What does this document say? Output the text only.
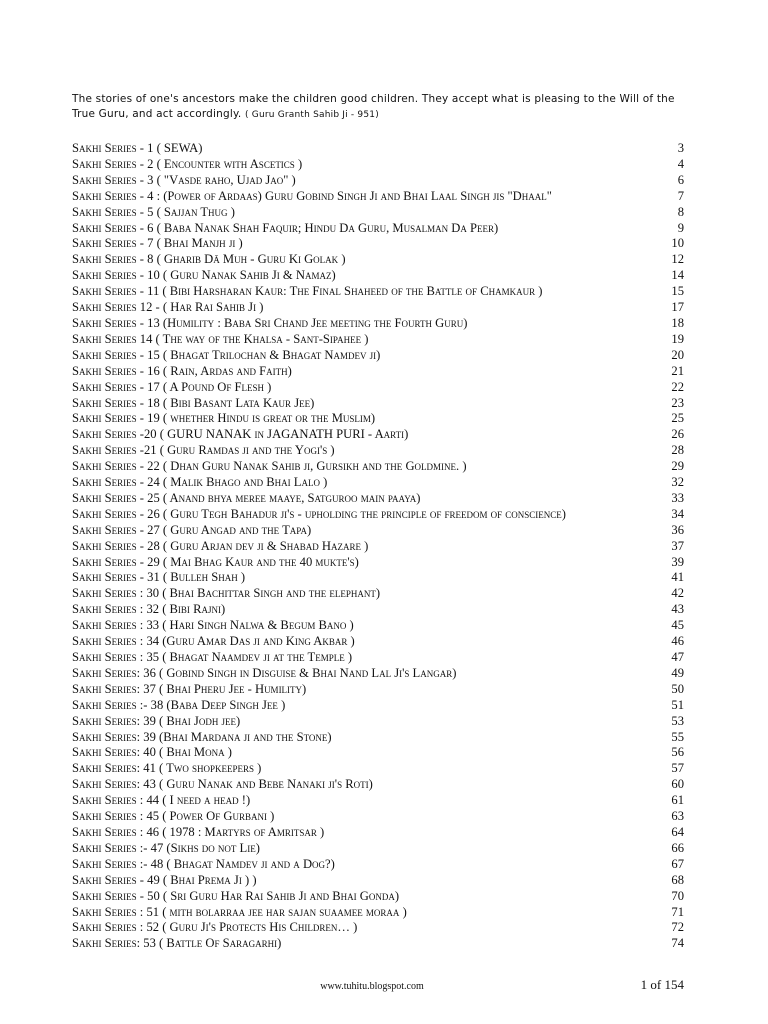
The stories of one's ancestors make the children good children. They accept what is pleasing to the Will of the True Guru, and act accordingly. ( Guru Granth Sahib Ji - 951)
Sakhi Series - 1 ( SEWA)	3
Sakhi Series - 2 ( Encounter with Ascetics )	4
Sakhi Series - 3 ( "Vasde raho, Ujad Jao" )	6
Sakhi Series - 4 : (Power of Ardaas) Guru Gobind Singh Ji and Bhai Laal Singh jis "Dhaal"	7
Sakhi Series - 5 ( Sajjan Thug )	8
Sakhi Series - 6 ( Baba Nanak Shah Faquir; Hindu Da Guru, Musalman Da Peer)	9
Sakhi Series - 7 ( Bhai Manjh ji )	10
Sakhi Series - 8 ( Gharib Dā Muh - Guru Ki Golak )	12
Sakhi Series - 10 ( Guru Nanak Sahib Ji & Namaz)	14
Sakhi Series - 11 ( Bibi Harsharan Kaur: The Final Shaheed of the Battle of Chamkaur )	15
Sakhi Series 12 - ( Har Rai Sahib Ji )	17
Sakhi Series - 13 (Humility : Baba Sri Chand Jee meeting the Fourth Guru)	18
Sakhi Series 14 ( The way of the Khalsa - Sant-Sipahee )	19
Sakhi Series - 15 ( Bhagat Trilochan & Bhagat Namdev ji)	20
Sakhi Series - 16 ( Rain, Ardas and Faith)	21
Sakhi Series - 17 ( A Pound Of Flesh )	22
Sakhi Series - 18 ( Bibi Basant Lata Kaur Jee)	23
Sakhi Series - 19 ( whether Hindu is great or the Muslim)	25
Sakhi Series -20 ( GURU NANAK in JAGANATH PURI - Aarti)	26
Sakhi Series -21 ( Guru Ramdas ji and the Yogi's )	28
Sakhi Series - 22 ( Dhan Guru Nanak Sahib ji, Gursikh and the Goldmine. )	29
Sakhi Series - 24 ( Malik Bhago and Bhai Lalo )	32
Sakhi Series - 25 ( Anand bhya meree maaye, Satguroo main paaya)	33
Sakhi Series - 26 ( Guru Tegh Bahadur ji's - upholding the principle of freedom of conscience)	34
Sakhi Series - 27 ( Guru Angad and the Tapa)	36
Sakhi Series - 28 ( Guru Arjan dev ji & Shabad Hazare )	37
Sakhi Series - 29 ( Mai Bhag Kaur and the 40 mukte's)	39
Sakhi Series - 31 ( Bulleh Shah )	41
Sakhi Series : 30 ( Bhai Bachittar Singh and the elephant)	42
Sakhi Series : 32 ( Bibi Rajni)	43
Sakhi Series : 33 ( Hari Singh Nalwa & Begum Bano )	45
Sakhi Series : 34 (Guru Amar Das ji and King Akbar )	46
Sakhi Series : 35 ( Bhagat Naamdev ji at the Temple )	47
Sakhi Series: 36 ( Gobind Singh in Disguise & Bhai Nand Lal Ji's Langar)	49
Sakhi Series: 37 ( Bhai Pheru Jee - Humility)	50
Sakhi Series :- 38 (Baba Deep Singh Jee )	51
Sakhi Series: 39 ( Bhai Jodh jee)	53
Sakhi Series: 39 (Bhai Mardana ji and the Stone)	55
Sakhi Series: 40 ( Bhai Mona )	56
Sakhi Series: 41 ( Two shopkeepers )	57
Sakhi Series: 43 ( Guru Nanak and Bebe Nanaki ji's Roti)	60
Sakhi Series : 44 ( I need a head !)	61
Sakhi Series : 45 ( Power Of Gurbani )	63
Sakhi Series : 46 ( 1978 : Martyrs of Amritsar )	64
Sakhi Series :- 47 (Sikhs do not Lie)	66
Sakhi Series :- 48 ( Bhagat Namdev ji and a Dog?)	67
Sakhi Series - 49 ( Bhai Prema Ji ) )	68
Sakhi Series - 50 ( Sri Guru Har Rai Sahib Ji and Bhai Gonda)	70
Sakhi Series : 51 ( mith bolarraa jee har sajan suaamee moraa )	71
Sakhi Series : 52 ( Guru Ji's Protects His Children… )	72
Sakhi Series: 53 ( Battle Of Saragarhi)	74
www.tuhitu.blogspot.com	1 of 154
